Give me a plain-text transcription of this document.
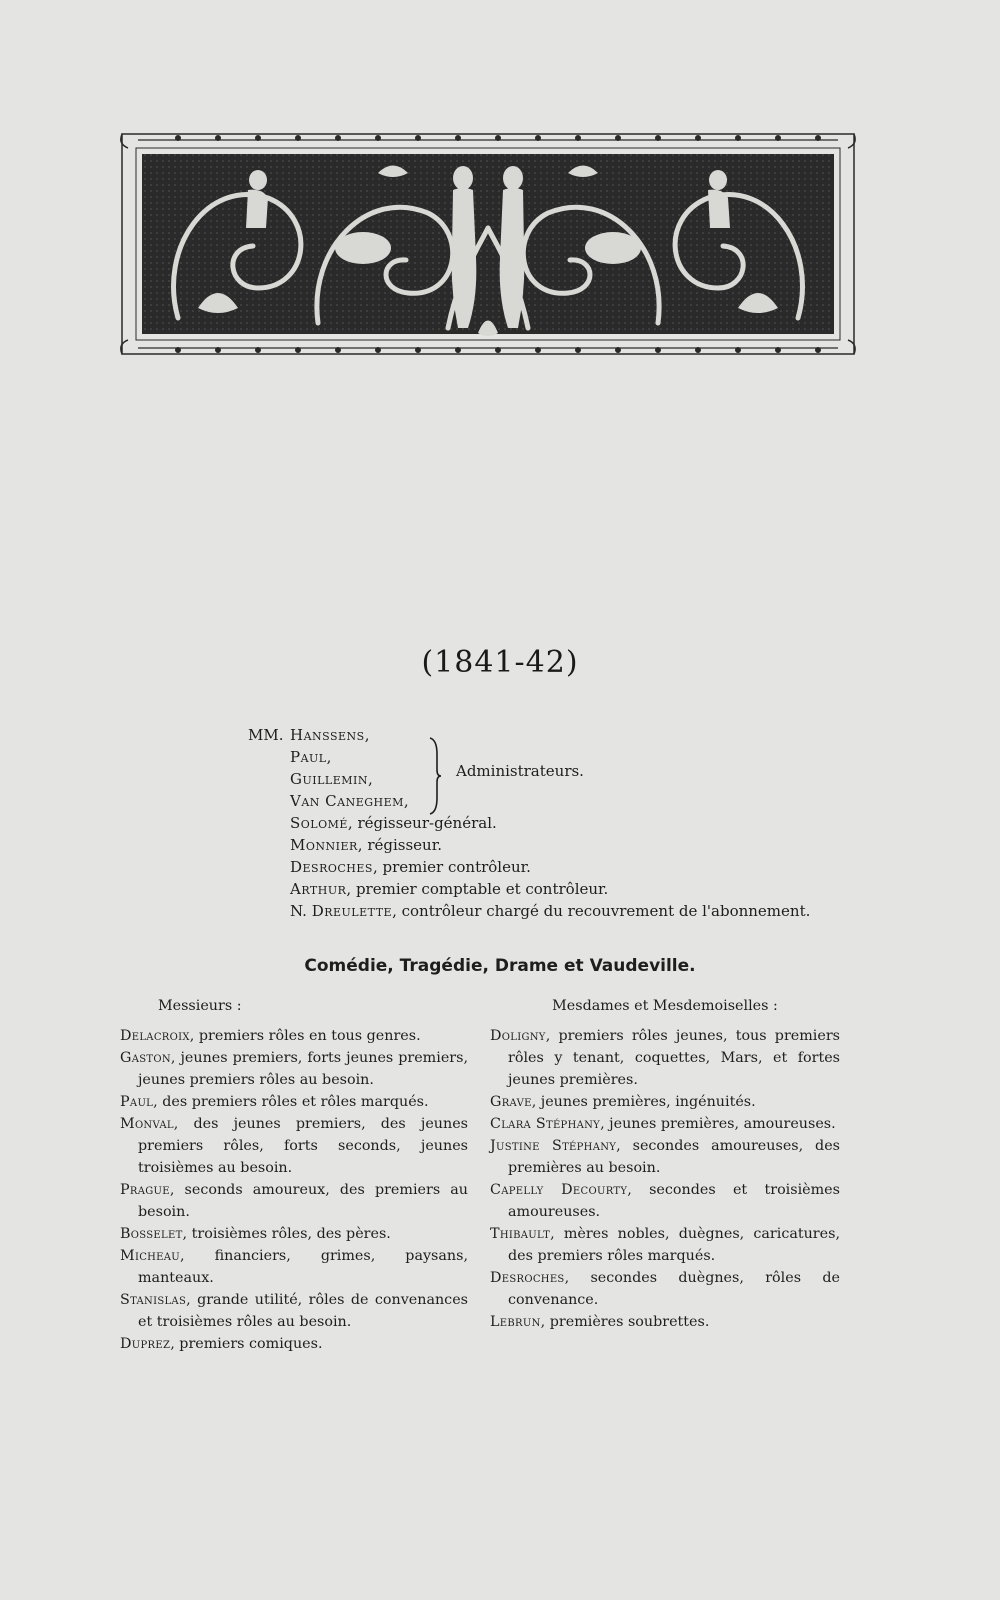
(1841-42)
MM. Hanssens,
Paul,
Guillemin,
Van Caneghem,
Solomé, régisseur-général.
Monnier, régisseur.
Desroches, premier contrôleur.
Arthur, premier comptable et contrôleur.
N. Dreulette, contrôleur chargé du recouvrement de l'abonnement.
Administrateurs.
Comédie, Tragédie, Drame et Vaudeville.
Messieurs :
Delacroix, premiers rôles en tous genres.
Gaston, jeunes premiers, forts jeunes premiers, jeunes premiers rôles au besoin.
Paul, des premiers rôles et rôles marqués.
Monval, des jeunes premiers, des jeunes premiers rôles, forts seconds, jeunes troisièmes au besoin.
Prague, seconds amoureux, des premiers au besoin.
Bosselet, troisièmes rôles, des pères.
Micheau, financiers, grimes, paysans, manteaux.
Stanislas, grande utilité, rôles de convenances et troisièmes rôles au besoin.
Duprez, premiers comiques.
Mesdames et Mesdemoiselles :
Doligny, premiers rôles jeunes, tous premiers rôles y tenant, coquettes, Mars, et fortes jeunes premières.
Grave, jeunes premières, ingénuités.
Clara Stéphany, jeunes premières, amoureuses.
Justine Stéphany, secondes amoureuses, des premières au besoin.
Capelly Decourty, secondes et troisièmes amoureuses.
Thibault, mères nobles, duègnes, caricatures, des premiers rôles marqués.
Desroches, secondes duègnes, rôles de convenance.
Lebrun, premières soubrettes.
